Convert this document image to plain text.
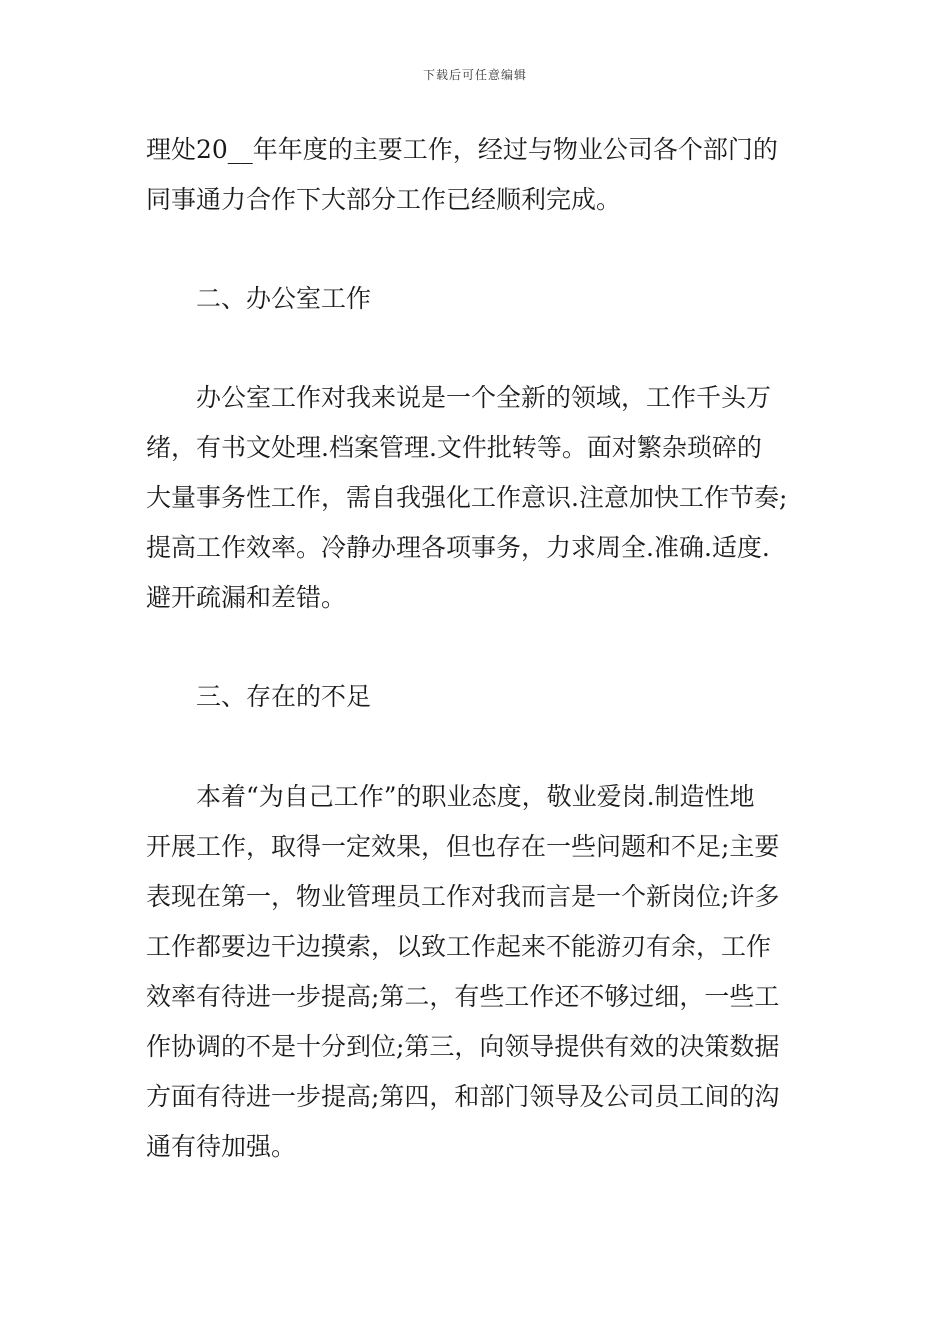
下载后可任意编辑
理处20__年年度的主要工作，经过与物业公司各个部门的
同事通力合作下大部分工作已经顺利完成。
二、办公室工作
　　办公室工作对我来说是一个全新的领域，工作千头万
绪，有书文处理.档案管理.文件批转等。面对繁杂琐碎的
大量事务性工作，需自我强化工作意识.注意加快工作节奏;
提高工作效率。冷静办理各项事务，力求周全.准确.适度.
避开疏漏和差错。
三、存在的不足
　　本着“为自己工作”的职业态度，敬业爱岗.制造性地
开展工作，取得一定效果，但也存在一些问题和不足;主要
表现在第一，物业管理员工作对我而言是一个新岗位;许多
工作都要边干边摸索，以致工作起来不能游刃有余，工作
效率有待进一步提高;第二，有些工作还不够过细，一些工
作协调的不是十分到位;第三，向领导提供有效的决策数据
方面有待进一步提高;第四，和部门领导及公司员工间的沟
通有待加强。
